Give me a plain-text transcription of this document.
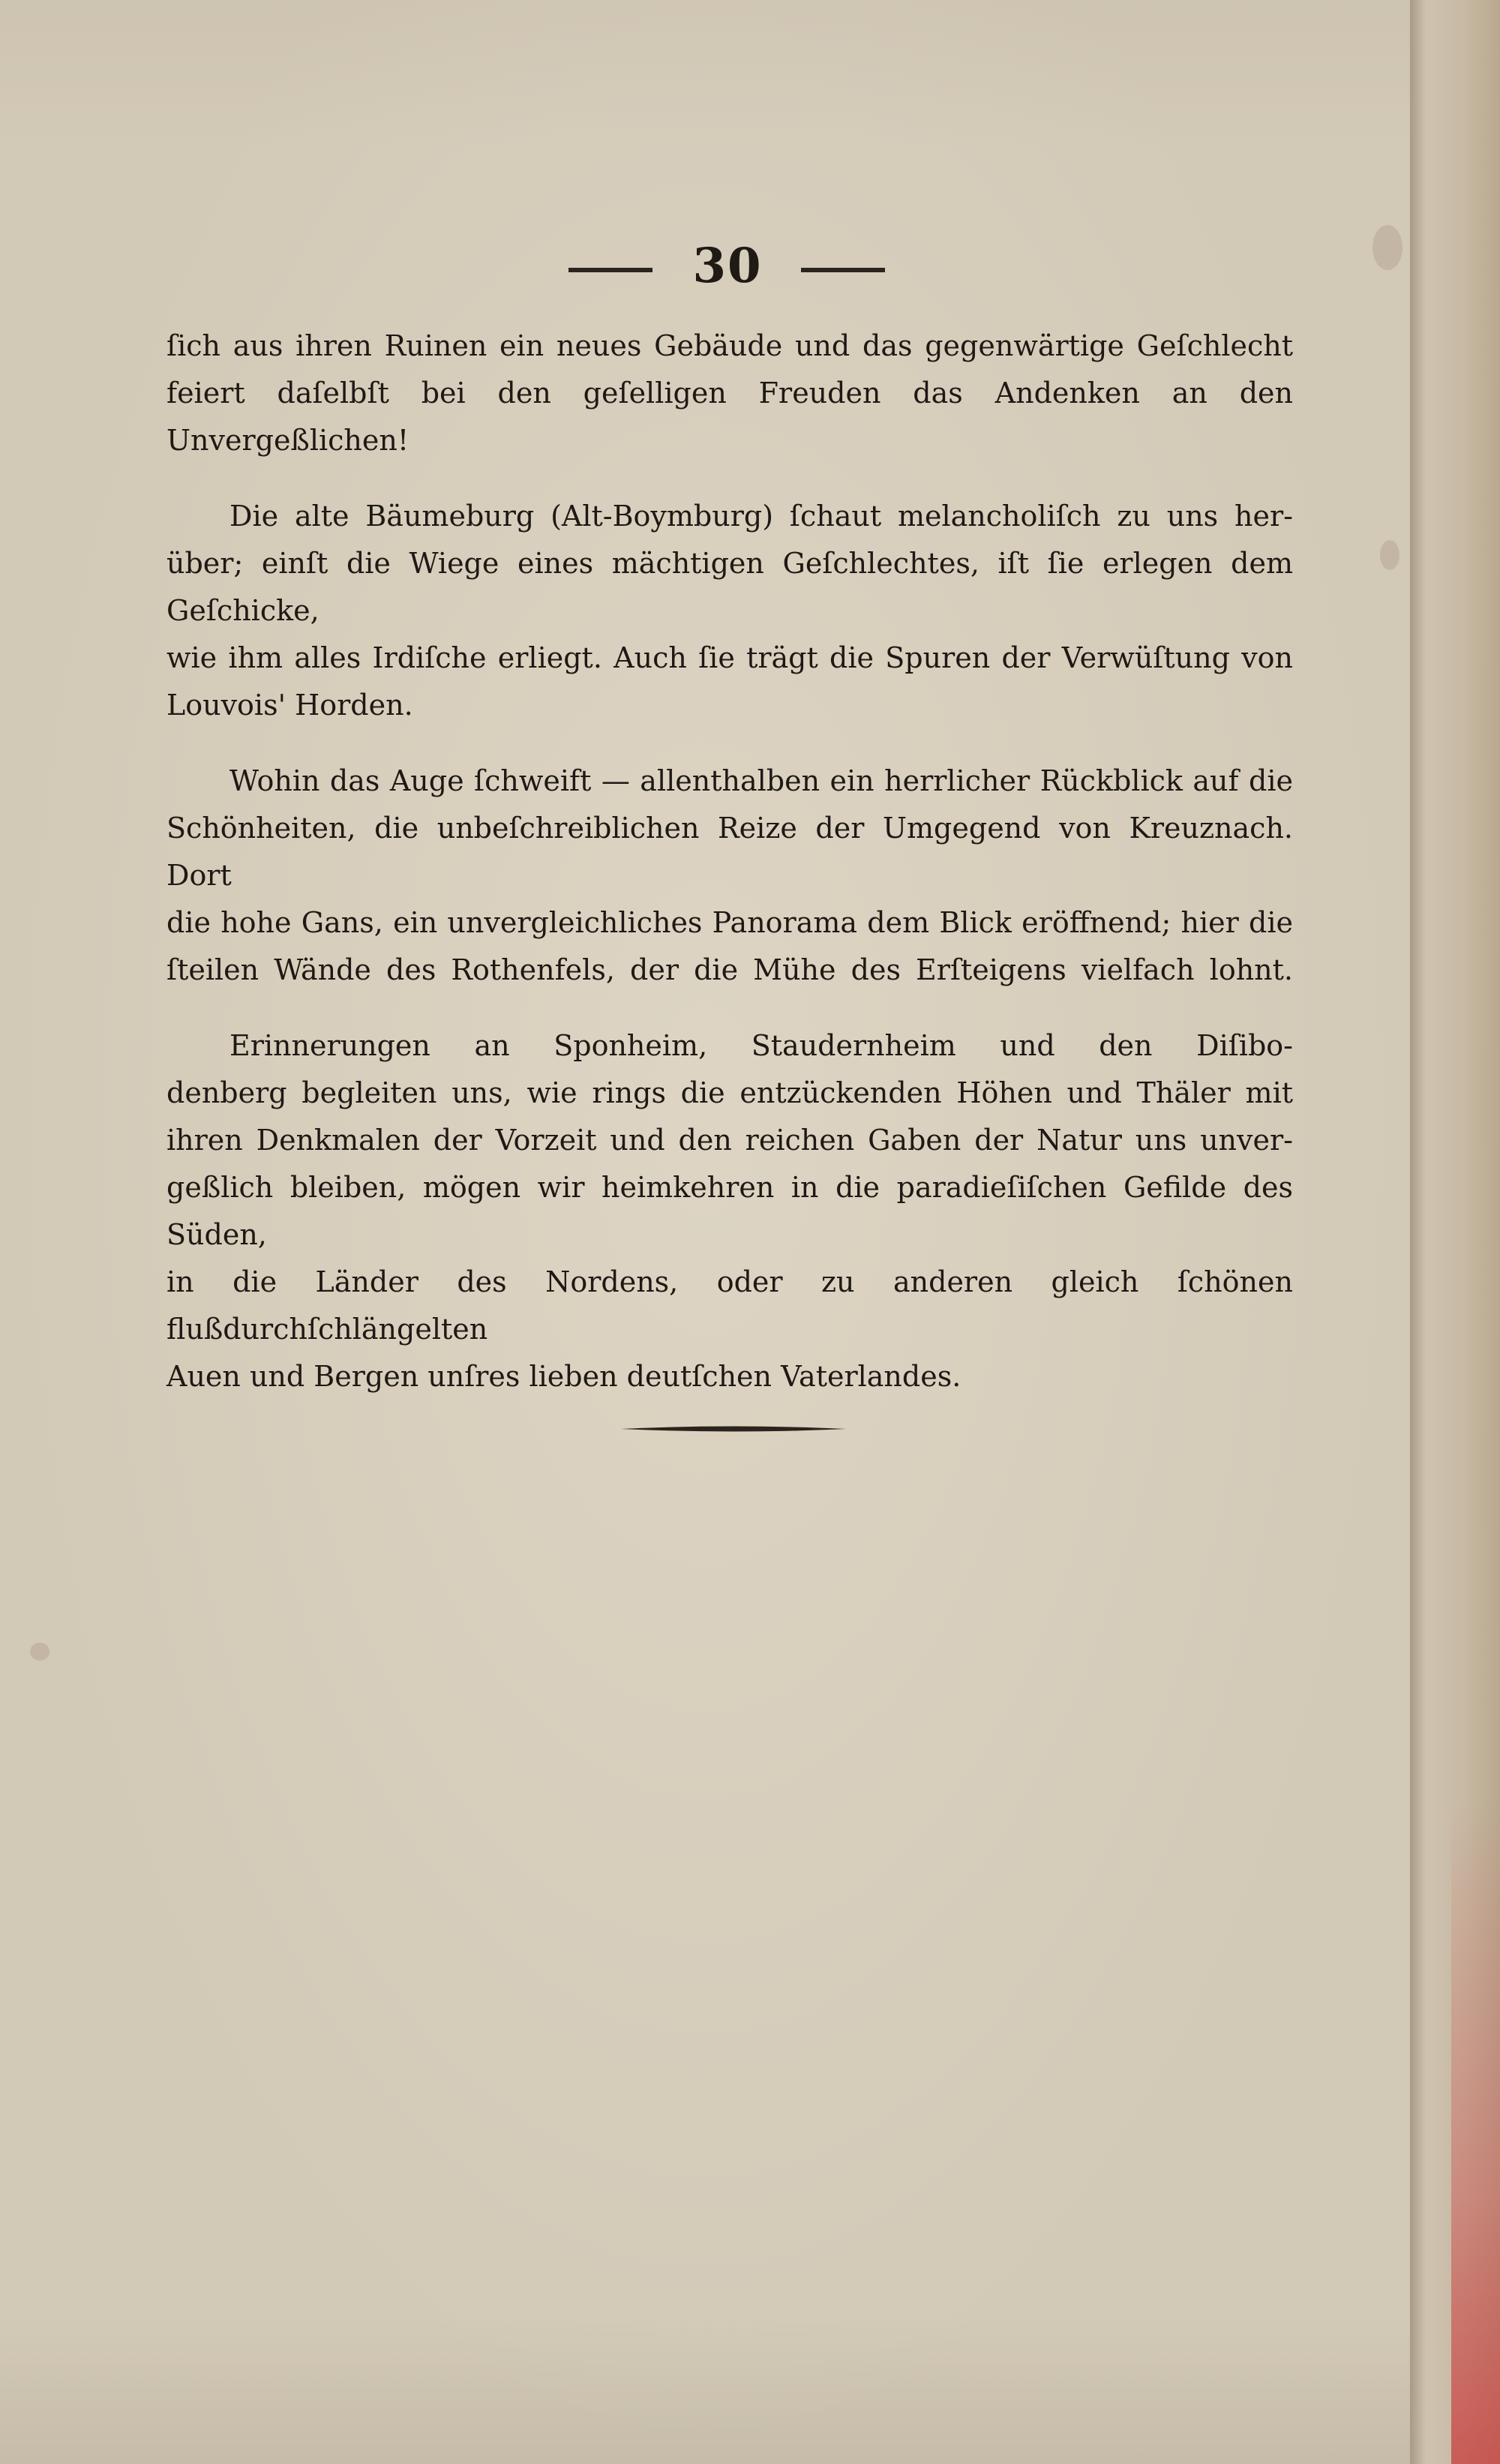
30

ſich aus ihren Ruinen ein neues Gebäude und das gegenwärtige Geſchlecht

feiert daſelbſt bei den geſelligen Freuden das Andenken an den Unvergeßlichen!

Die alte Bäumeburg (Alt-Boymburg) ſchaut melancholiſch zu uns her-

über; einſt die Wiege eines mächtigen Geſchlechtes, iſt ſie erlegen dem Geſchicke,

wie ihm alles Irdiſche erliegt. Auch ſie trägt die Spuren der Verwüſtung von

Louvois' Horden.

Wohin das Auge ſchweift — allenthalben ein herrlicher Rückblick auf die

Schönheiten, die unbeſchreiblichen Reize der Umgegend von Kreuznach. Dort

die hohe Gans, ein unvergleichliches Panorama dem Blick eröffnend; hier die

ſteilen Wände des Rothenfels, der die Mühe des Erſteigens vielfach lohnt.

Erinnerungen an Sponheim, Staudernheim und den Diſibo-

denberg begleiten uns, wie rings die entzückenden Höhen und Thäler mit

ihren Denkmalen der Vorzeit und den reichen Gaben der Natur uns unver-

geßlich bleiben, mögen wir heimkehren in die paradieſiſchen Gefilde des Süden,

in die Länder des Nordens, oder zu anderen gleich ſchönen flußdurchſchlängelten

Auen und Bergen unſres lieben deutſchen Vaterlandes.
